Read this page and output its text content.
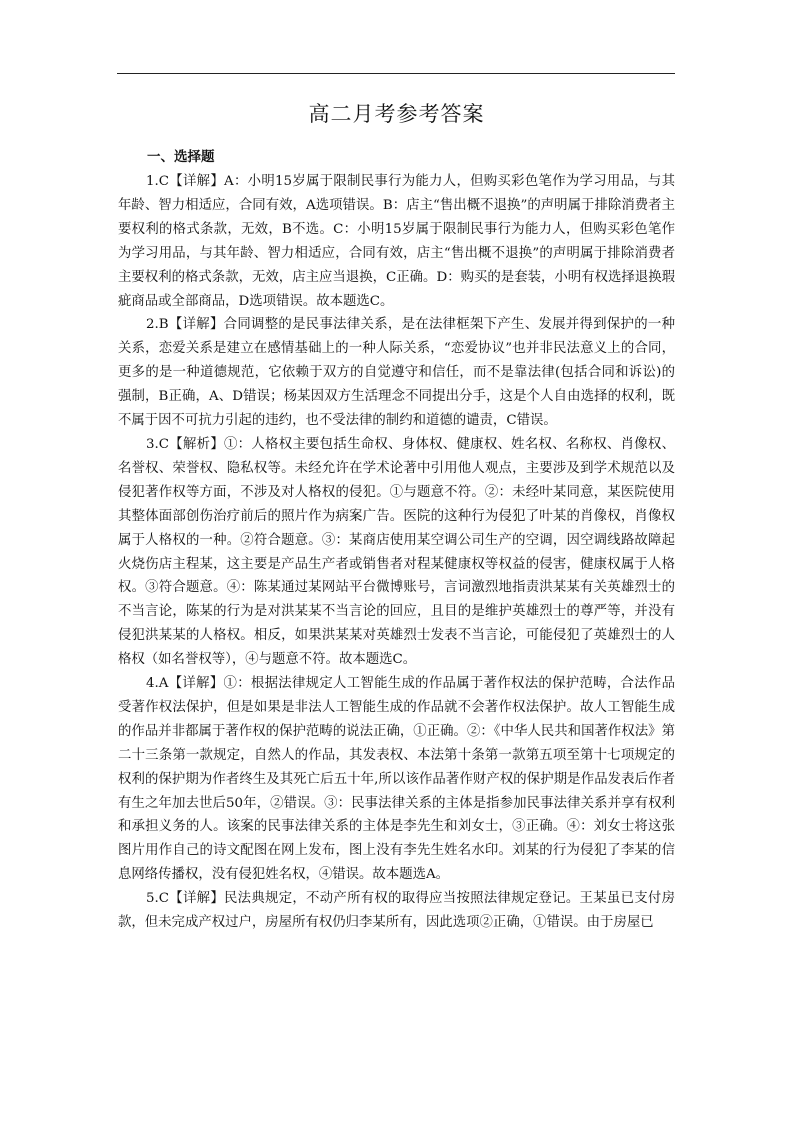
高二月考参考答案
一、选择题

1.C【详解】A：小明15岁属于限制民事行为能力人，但购买彩色笔作为学习用品，与其年龄、智力相适应，合同有效，A选项错误。B：店主“售出概不退换”的声明属于排除消费者主要权利的格式条款，无效，B不选。C：小明15岁属于限制民事行为能力人，但购买彩色笔作为学习用品，与其年龄、智力相适应，合同有效，店主“售出概不退换”的声明属于排除消费者主要权利的格式条款，无效，店主应当退换，C正确。D：购买的是套装，小明有权选择退换瑕疵商品或全部商品，D选项错误。故本题选C。

2.B【详解】合同调整的是民事法律关系，是在法律框架下产生、发展并得到保护的一种关系，恋爱关系是建立在感情基础上的一种人际关系，“恋爱协议”也并非民法意义上的合同，更多的是一种道德规范，它依赖于双方的自觉遵守和信任，而不是靠法律(包括合同和诉讼)的强制，B正确，A、D错误；杨某因双方生活理念不同提出分手，这是个人自由选择的权利，既不属于因不可抗力引起的违约，也不受法律的制约和道德的谴责，C错误。

3.C【解析】①：人格权主要包括生命权、身体权、健康权、姓名权、名称权、肖像权、名誉权、荣誉权、隐私权等。未经允许在学术论著中引用他人观点，主要涉及到学术规范以及侵犯著作权等方面，不涉及对人格权的侵犯。①与题意不符。②：未经叶某同意，某医院使用其整体面部创伤治疗前后的照片作为病案广告。医院的这种行为侵犯了叶某的肖像权，肖像权属于人格权的一种。②符合题意。③：某商店使用某空调公司生产的空调，因空调线路故障起火烧伤店主程某，这主要是产品生产者或销售者对程某健康权等权益的侵害，健康权属于人格权。③符合题意。④：陈某通过某网站平台微博账号，言词激烈地指责洪某某有关英雄烈士的不当言论，陈某的行为是对洪某某不当言论的回应，且目的是维护英雄烈士的尊严等，并没有侵犯洪某某的人格权。相反，如果洪某某对英雄烈士发表不当言论，可能侵犯了英雄烈士的人格权（如名誉权等），④与题意不符。故本题选C。

4.A【详解】①：根据法律规定人工智能生成的作品属于著作权法的保护范畴，合法作品受著作权法保护，但是如果是非法人工智能生成的作品就不会著作权法保护。故人工智能生成的作品并非都属于著作权的保护范畴的说法正确，①正确。②：《中华人民共和国著作权法》第二十三条第一款规定，自然人的作品，其发表权、本法第十条第一款第五项至第十七项规定的权利的保护期为作者终生及其死亡后五十年,所以该作品著作财产权的保护期是作品发表后作者有生之年加去世后50年，②错误。③：民事法律关系的主体是指参加民事法律关系并享有权利和承担义务的人。该案的民事法律关系的主体是李先生和刘女士，③正确。④：刘女士将这张图片用作自己的诗文配图在网上发布，图上没有李先生姓名水印。刘某的行为侵犯了李某的信息网络传播权，没有侵犯姓名权，④错误。故本题选A。

5.C【详解】民法典规定，不动产所有权的取得应当按照法律规定登记。王某虽已支付房款，但未完成产权过户，房屋所有权仍归李某所有，因此选项②正确，①错误。由于房屋已
